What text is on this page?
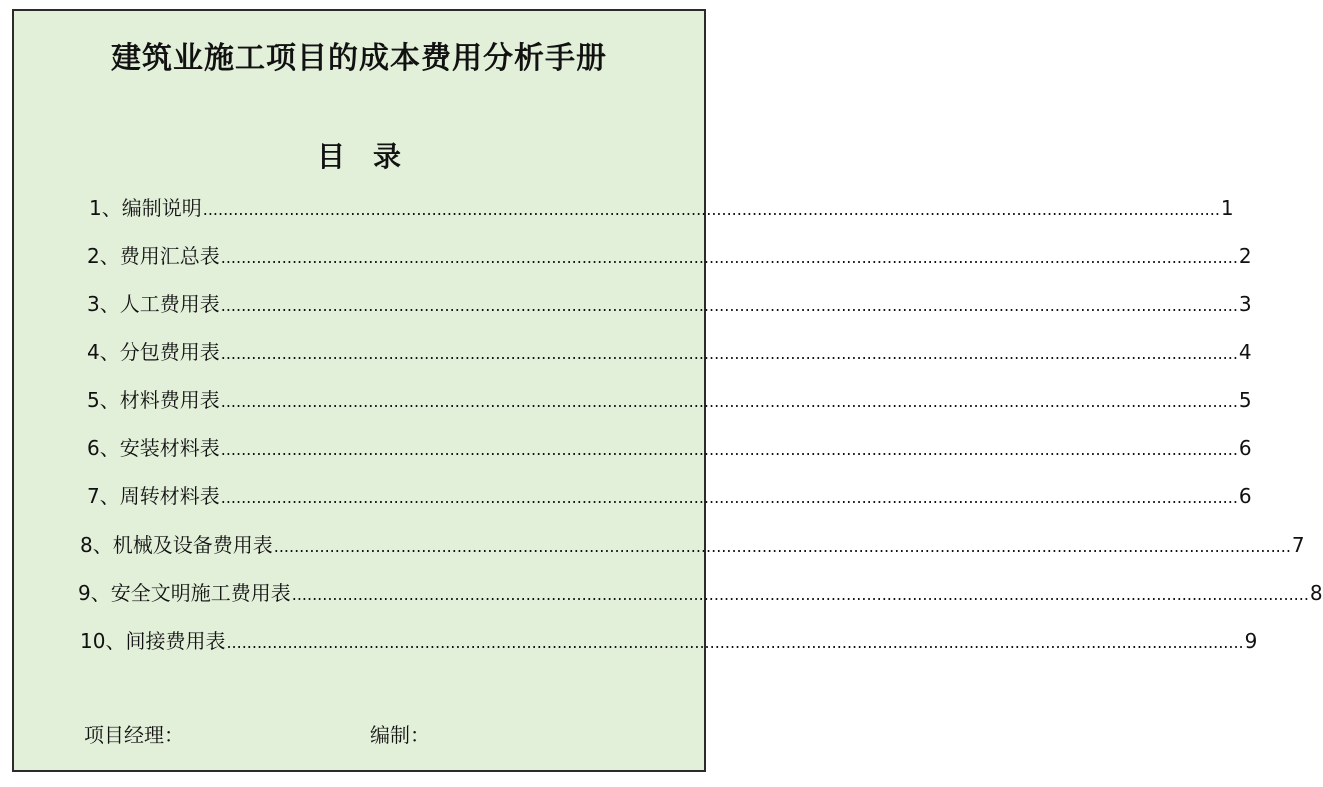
建筑业施工项目的成本费用分析手册
目录
1、编制说明 ........................................................................................................................................................................................................ 1
2、费用汇总表 ........................................................................................................................................................................................................ 2
3、人工费用表 ........................................................................................................................................................................................................ 3
4、分包费用表 ........................................................................................................................................................................................................ 4
5、材料费用表 ........................................................................................................................................................................................................ 5
6、安装材料表 ........................................................................................................................................................................................................ 6
7、周转材料表 ........................................................................................................................................................................................................ 6
8、机械及设备费用表 ........................................................................................................................................................................................................ 7
9、安全文明施工费用表 ........................................................................................................................................................................................................ 8
10、间接费用表 ........................................................................................................................................................................................................ 9
项目经理：	编制：
